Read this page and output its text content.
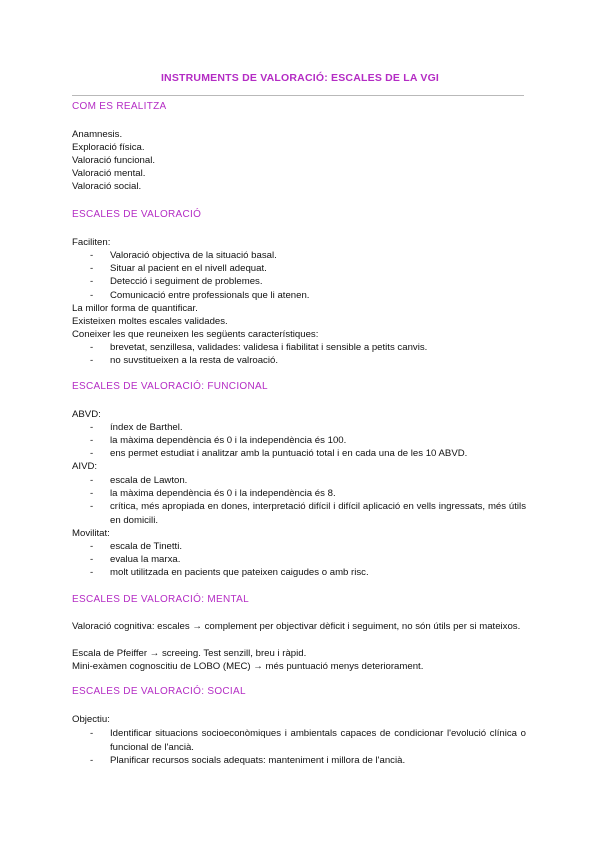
INSTRUMENTS DE VALORACIÓ: ESCALES DE LA VGI
COM ES REALITZA
Anamnesis.
Exploració física.
Valoració funcional.
Valoració mental.
Valoració social.
ESCALES DE VALORACIÓ
Faciliten:
- Valoració objectiva de la situació basal.
- Situar al pacient en el nivell adequat.
- Detecció i seguiment de problemes.
- Comunicació entre professionals que li atenen.
La millor forma de quantificar.
Existeixen moltes escales validades.
Coneixer les que reuneixen les següents característiques:
- brevetat, senzillesa, validades: validesa i fiabilitat i sensible a petits canvis.
- no suvstitueixen a la resta de valroació.
ESCALES DE VALORACIÓ: FUNCIONAL
ABVD:
- índex de Barthel.
- la màxima dependència és 0 i la independència és 100.
- ens permet estudiat i analitzar amb la puntuació total i en cada una de les 10 ABVD.
AIVD:
- escala de Lawton.
- la màxima dependència és 0 i la independència és 8.
- crítica, més apropiada en dones, interpretació difícil i difícil aplicació en vells ingressats, més útils en domicili.
Movilitat:
- escala de Tinetti.
- evalua la marxa.
- molt utilitzada en pacients que pateixen caigudes o amb risc.
ESCALES DE VALORACIÓ: MENTAL
Valoració cognitiva: escales → complement per objectivar dèficit i seguiment, no són útils per si mateixos.
Escala de Pfeiffer → screeing. Test senzill, breu i ràpid.
Mini-exàmen cognoscitiu de LOBO (MEC) → més puntuació menys deteriorament.
ESCALES DE VALORACIÓ: SOCIAL
Objectiu:
- Identificar situacions socioeconòmiques i ambientals capaces de condicionar l'evolució clínica o funcional de l'ancià.
- Planificar recursos socials adequats: manteniment i millora de l'ancià.
